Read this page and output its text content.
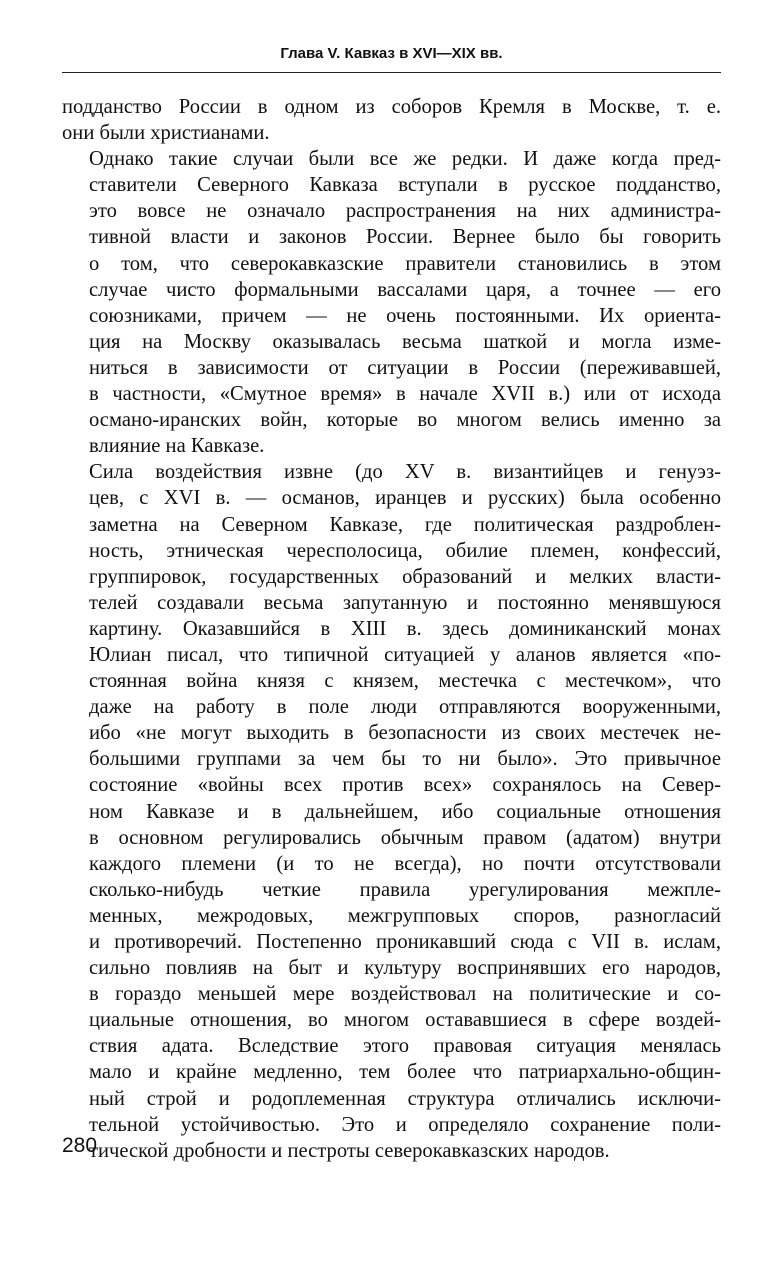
Глава V. Кавказ в XVI—XIX вв.

подданство России в одном из соборов Кремля в Москве, т. е.
они были христианами.

Однако такие случаи были все же редки. И даже когда пред-
ставители Северного Кавказа вступали в русское подданство,
это вовсе не означало распространения на них администра-
тивной власти и законов России. Вернее было бы говорить
о том, что северокавказские правители становились в этом
случае чисто формальными вассалами царя, а точнее — его
союзниками, причем — не очень постоянными. Их ориента-
ция на Москву оказывалась весьма шаткой и могла изме-
ниться в зависимости от ситуации в России (переживавшей,
в частности, «Смутное время» в начале XVII в.) или от исхода
османо-иранских войн, которые во многом велись именно за
влияние на Кавказе.

Сила воздействия извне (до XV в. византийцев и генуэз-
цев, с XVI в. — османов, иранцев и русских) была особенно
заметна на Северном Кавказе, где политическая раздроблен-
ность, этническая чересполосица, обилие племен, конфессий,
группировок, государственных образований и мелких власти-
телей создавали весьма запутанную и постоянно менявшуюся
картину. Оказавшийся в XIII в. здесь доминиканский монах
Юлиан писал, что типичной ситуацией у аланов является «по-
стоянная война князя с князем, местечка с местечком», что
даже на работу в поле люди отправляются вооруженными,
ибо «не могут выходить в безопасности из своих местечек не-
большими группами за чем бы то ни было». Это привычное
состояние «войны всех против всех» сохранялось на Север-
ном Кавказе и в дальнейшем, ибо социальные отношения
в основном регулировались обычным правом (адатом) внутри
каждого племени (и то не всегда), но почти отсутствовали
сколько-нибудь четкие правила урегулирования межпле-
менных, межродовых, межгрупповых споров, разногласий
и противоречий. Постепенно проникавший сюда с VII в. ислам,
сильно повлияв на быт и культуру воспринявших его народов,
в гораздо меньшей мере воздействовал на политические и со-
циальные отношения, во многом остававшиеся в сфере воздей-
ствия адата. Вследствие этого правовая ситуация менялась
мало и крайне медленно, тем более что патриархально-общин-
ный строй и родоплеменная структура отличались исключи-
тельной устойчивостью. Это и определяло сохранение поли-
тической дробности и пестроты северокавказских народов.

280
